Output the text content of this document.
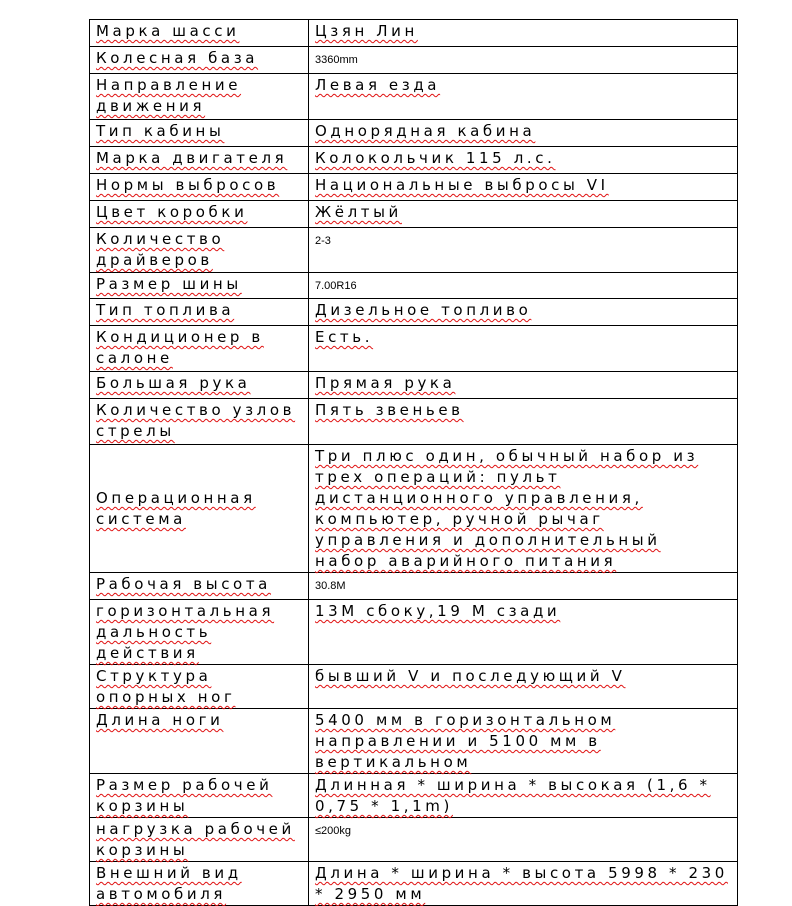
Марка шасси	Цзян Лин
Колесная база	3360mm
Направление движения	Левая езда
Тип кабины	Однорядная кабина
Марка двигателя	Колокольчик 115 л.с.
Нормы выбросов	Национальные выбросы VI
Цвет коробки	Жёлтый
Количество драйверов	2-3
Размер шины	7.00R16
Тип топлива	Дизельное топливо
Кондиционер в салоне	Есть.
Большая рука	Прямая рука
Количество узлов стрелы	Пять звеньев
Операционная система	Три плюс один, обычный набор из трех операций: пульт дистанционного управления, компьютер, ручной рычаг управления и дополнительный набор аварийного питания
Рабочая высота	30.8M
горизонтальная дальность действия	13M сбоку,19 M сзади
Структура опорных ног	бывший V и последующий V
Длина ноги	5400 мм в горизонтальном направлении и 5100 мм в вертикальном
Размер рабочей корзины	Длинная * ширина * высокая (1,6 * 0,75 * 1,1m)
нагрузка рабочей корзины	≤200kg
Внешний вид автомобиля	Длина * ширина * высота 5998 * 230 * 2950 мм
